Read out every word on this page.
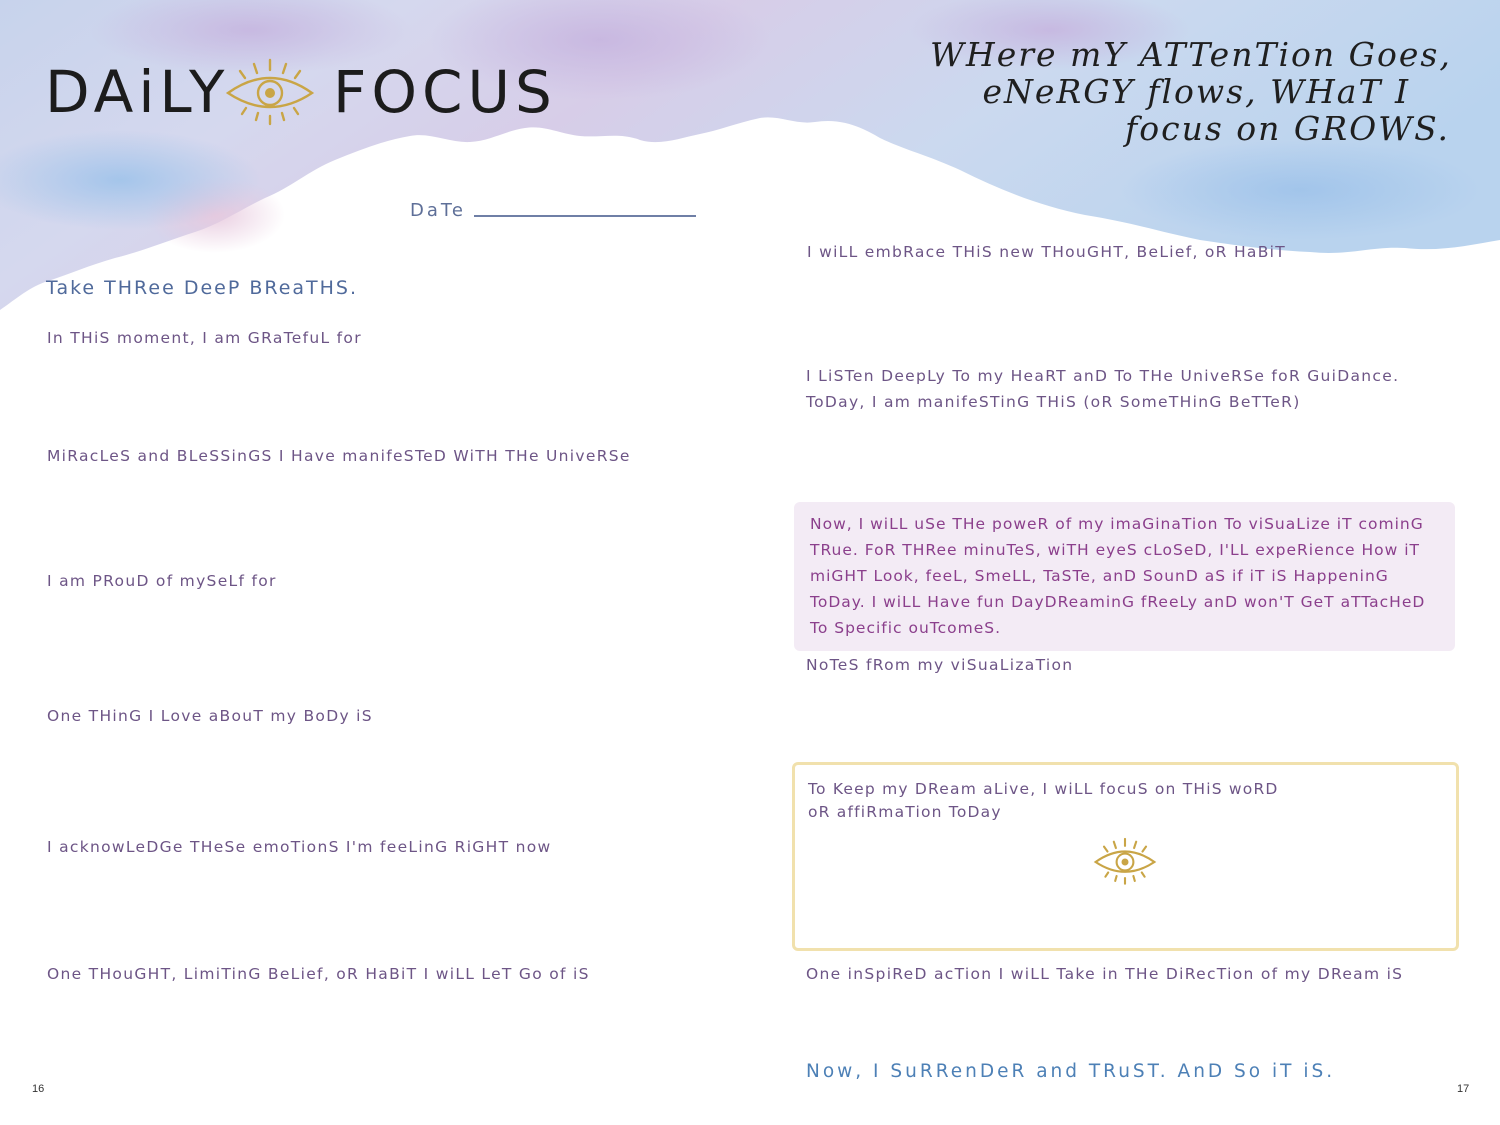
DAiLY FOCUS
WHere mY ATTenTion Goes,
eNeRGY flows, WHaT I
focus on GROWS.
DaTe
Take THRee DeeP BReaTHS.
In THiS moment, I am GRaTefuL for
MiRacLeS and BLeSSinGS I Have manifeSTeD WiTH THe UniveRSe
I am PRouD of mySeLf for
One THinG I Love aBouT my BoDy iS
I acknowLeDGe THeSe emoTionS I'm feeLinG RiGHT now
One THouGHT, LimiTinG BeLief, oR HaBiT I wiLL LeT Go of iS
16
I wiLL embRace THiS new THouGHT, BeLief, oR HaBiT
I LiSTen DeepLy To my HeaRT anD To THe UniveRSe foR GuiDance.
ToDay, I am manifeSTinG THiS (oR SomeTHinG BeTTeR)
Now, I wiLL uSe THe poweR of my imaGinaTion To viSuaLize iT cominG TRue. FoR THRee minuTeS, wiTH eyeS cLoSeD, I'LL expeRience How iT miGHT Look, feeL, SmeLL, TaSTe, anD SounD aS if iT iS HappeninG ToDay. I wiLL Have fun DayDReaminG fReeLy anD won'T GeT aTTacHeD To Specific ouTcomeS.
NoTeS fRom my viSuaLizaTion
To Keep my DReam aLive, I wiLL focuS on THiS woRD
oR affiRmaTion ToDay
One inSpiReD acTion I wiLL Take in THe DiRecTion of my DReam iS
Now, I SuRRenDeR and TRuST. AnD So iT iS.
17
